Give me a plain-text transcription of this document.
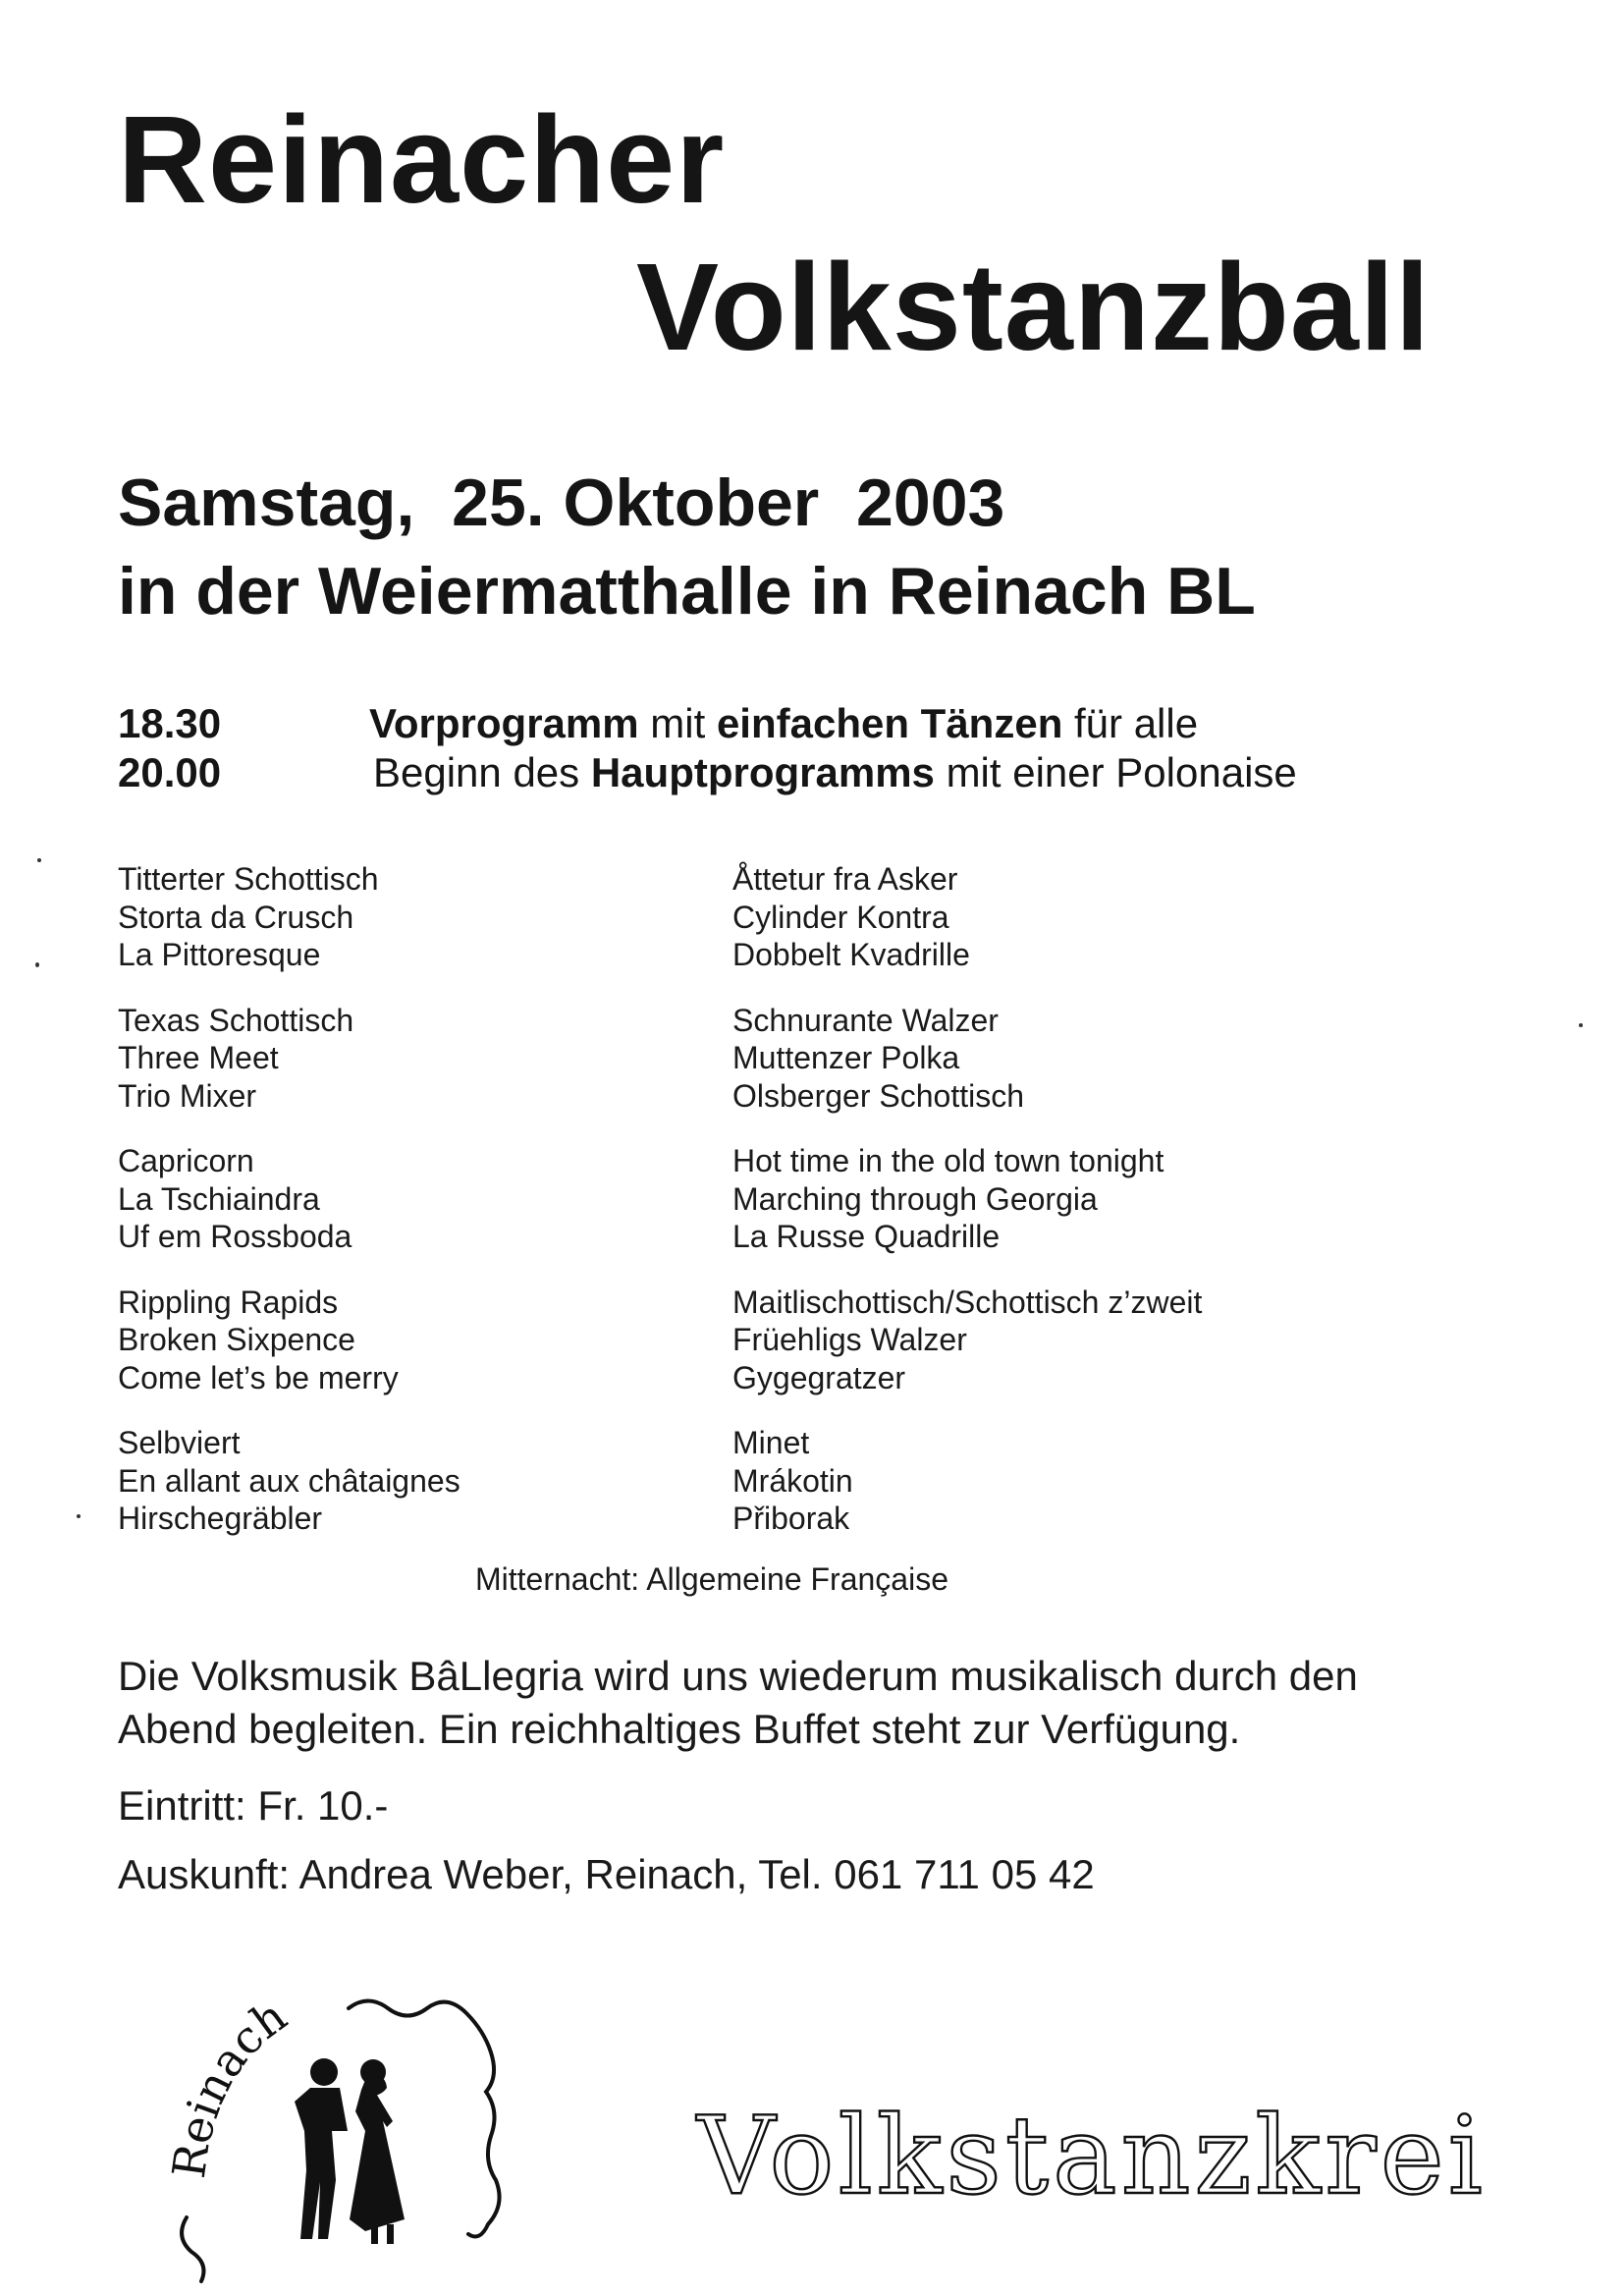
Reinacher
Volkstanzball
Samstag,  25. Oktober  2003
in der Weiermatthalle in Reinach BL
18.30	Vorprogramm mit einfachen Tänzen für alle
20.00	Beginn des Hauptprogramms mit einer Polonaise
Titterter Schottisch
Storta da Crusch
La Pittoresque
Texas Schottisch
Three Meet
Trio Mixer
Capricorn
La Tschiaindra
Uf em Rossboda
Rippling Rapids
Broken Sixpence
Come let’s be merry
Selbviert
En allant aux châtaignes
Hirschegräbler
Åttetur fra Asker
Cylinder Kontra
Dobbelt Kvadrille
Schnurante Walzer
Muttenzer Polka
Olsberger Schottisch
Hot time in the old town tonight
Marching through Georgia
La Russe Quadrille
Maitlischottisch/Schottisch z’zweit
Früehligs Walzer
Gygegratzer
Minet
Mrákotin
Přiborak
Mitternacht: Allgemeine Française
Die Volksmusik BâLlegria wird uns wiederum musikalisch durch den
Abend begleiten. Ein reichhaltiges Buffet steht zur Verfügung.
Eintritt: Fr. 10.-
Auskunft: Andrea Weber, Reinach, Tel. 061 711 05 42
Reinach
Volkstanzkrei
